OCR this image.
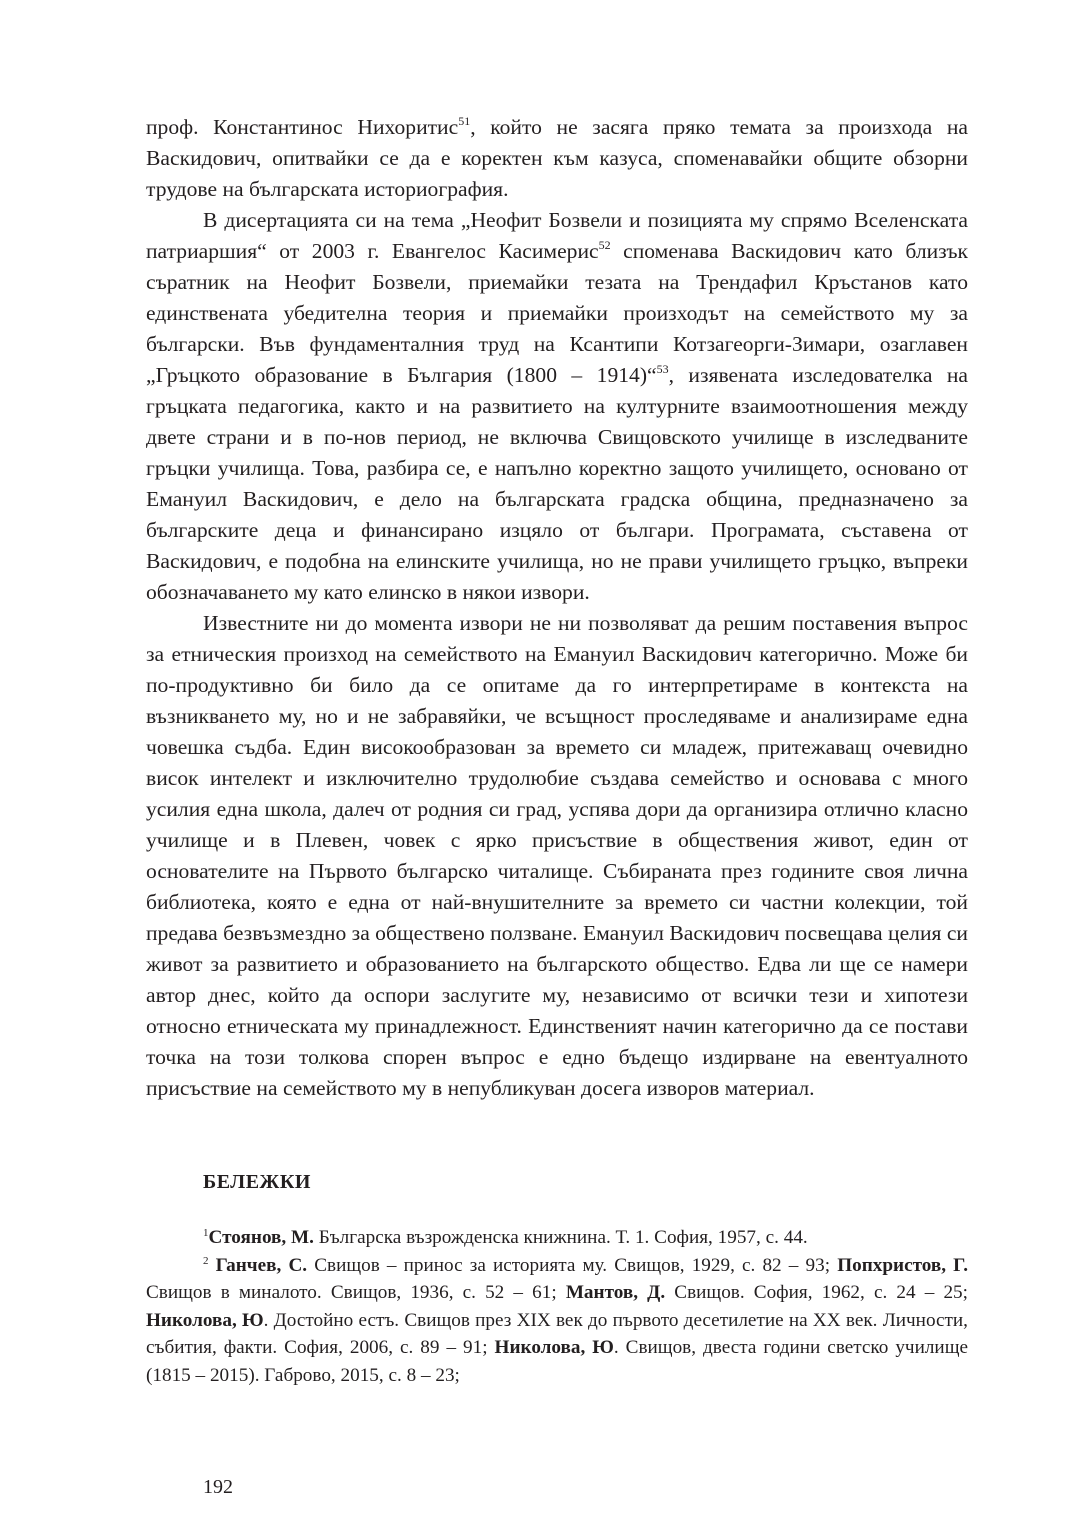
проф. Константинос Нихоритис$^{51}$, който не засяга пряко темата за произхода на Васкидович, опитвайки се да е коректен към казуса, споменавайки общите обзорни трудове на българската историография.

В дисертацията си на тема „Неофит Бозвели и позицията му спрямо Вселенската патриаршия“ от 2003 г. Евангелос Касимерис$^{52}$ споменава Васкидович като близък съратник на Неофит Бозвели, приемайки тезата на Трендафил Кръстанов като единствената убедителна теория и приемайки произходът на семейството му за български. Във фундаменталния труд на Ксантипи Котзагеорги-Зимари, озаглавен „Гръцкото образование в България (1800 – 1914)“$^{53}$, изявената изследователка на гръцката педагогика, както и на развитието на културните взаимоотношения между двете страни и в по-нов период, не включва Свищовското училище в изследваните гръцки училища. Това, разбира се, е напълно коректно защото училището, основано от Емануил Васкидович, е дело на българската градска община, предназначено за българските деца и финансирано изцяло от българи. Програмата, съставена от Васкидович, е подобна на елинските училища, но не прави училището гръцко, въпреки обозначаването му като елинско в някои извори.

Известните ни до момента извори не ни позволяват да решим поставения въпрос за етническия произход на семейството на Емануил Васкидович категорично. Може би по-продуктивно би било да се опитаме да го интерпретираме в контекста на възникването му, но и не забравяйки, че всъщност проследяваме и анализираме една човешка съдба. Един високообразован за времето си младеж, притежаващ очевидно висок интелект и изключително трудолюбие създава семейство и основава с много усилия една школа, далеч от родния си град, успява дори да организира отлично класно училище и в Плевен, човек с ярко присъствие в обществения живот, един от основателите на Първото българско читалище. Събираната през годините своя лична библиотека, която е една от най-внушителните за времето си частни колекции, той предава безвъзмездно за обществено ползване. Емануил Васкидович посвещава целия си живот за развитието и образованието на българското общество. Едва ли ще се намери автор днес, който да оспори заслугите му, независимо от всички тези и хипотези относно етническата му принадлежност. Единственият начин категорично да се постави точка на този толкова спорен въпрос е едно бъдещо издирване на евентуалното присъствие на семейството му в непубликуван досега изворов материал.

БЕЛЕЖКИ

$^1$Стоянов, М. Българска възрожденска книжнина. Т. 1. София, 1957, с. 44.

$^2$ Ганчев, С. Свищов – принос за историята му. Свищов, 1929, с. 82 – 93; Попхристов, Г. Свищов в миналото. Свищов, 1936, с. 52 – 61; Мантов, Д. Свищов. София, 1962, с. 24 – 25; Николова, Ю. Достойно естъ. Свищов през XIX век до първото десетилетие на XX век. Личности, събития, факти. София, 2006, с. 89 – 91; Николова, Ю. Свищов, двеста години светско училище (1815 – 2015). Габрово, 2015, с. 8 – 23;

192
